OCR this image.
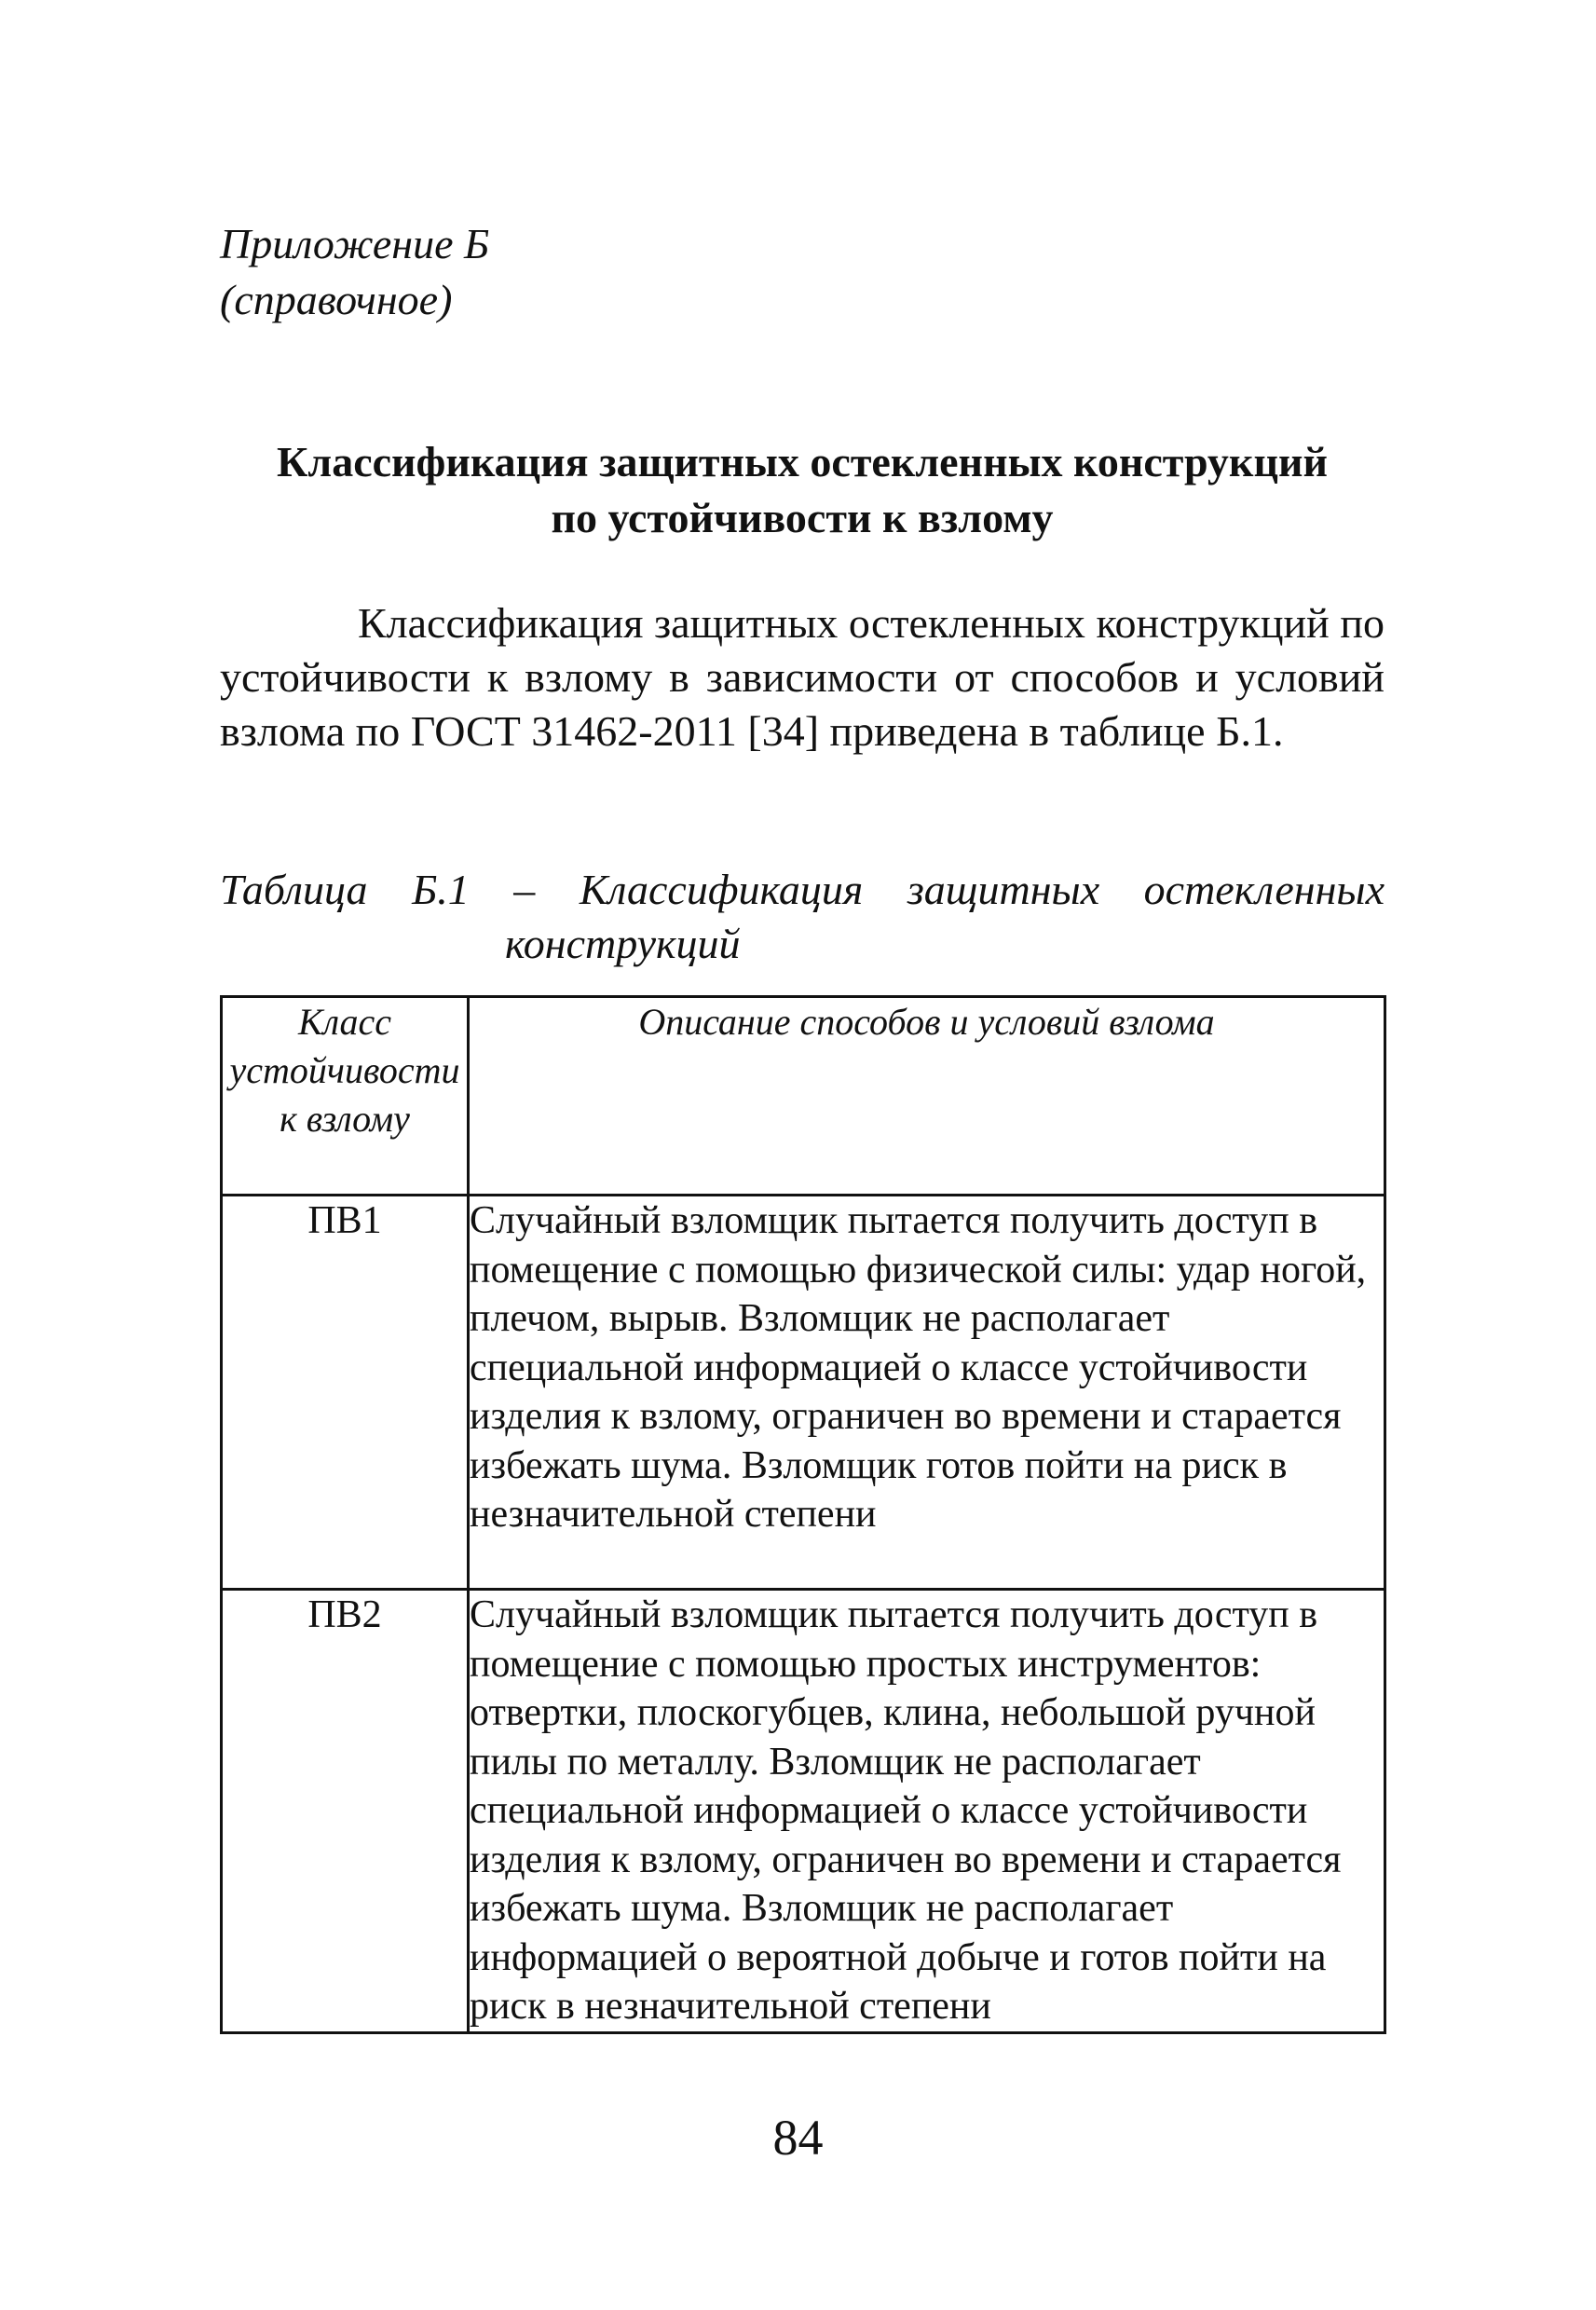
Приложение Б
(справочное)
Классификация защитных остекленных конструкций
по устойчивости к взлому
Классификация защитных остекленных конструкций по устойчивости к взлому в зависимости от способов и условий взлома по ГОСТ 31462-2011 [34] приведена в таблице Б.1.
Таблица Б.1 – Классификация защитных остекленных
конструкций
Класс устойчивости к взлому	Описание способов и условий взлома
ПВ1	Случайный взломщик пытается получить доступ в помещение с помощью физической силы: удар ногой, плечом, вырыв. Взломщик не располагает специальной информацией о классе устойчивости изделия к взлому, ограничен во времени и старается избежать шума. Взломщик готов пойти на риск в незначительной степени
ПВ2	Случайный взломщик пытается получить доступ в помещение с помощью простых инструментов: отвертки, плоскогубцев, клина, небольшой ручной пилы по металлу. Взломщик не располагает специальной информацией о классе устойчивости изделия к взлому, ограничен во времени и старается избежать шума. Взломщик не располагает информацией о вероятной добыче и готов пойти на риск в незначительной степени
84
